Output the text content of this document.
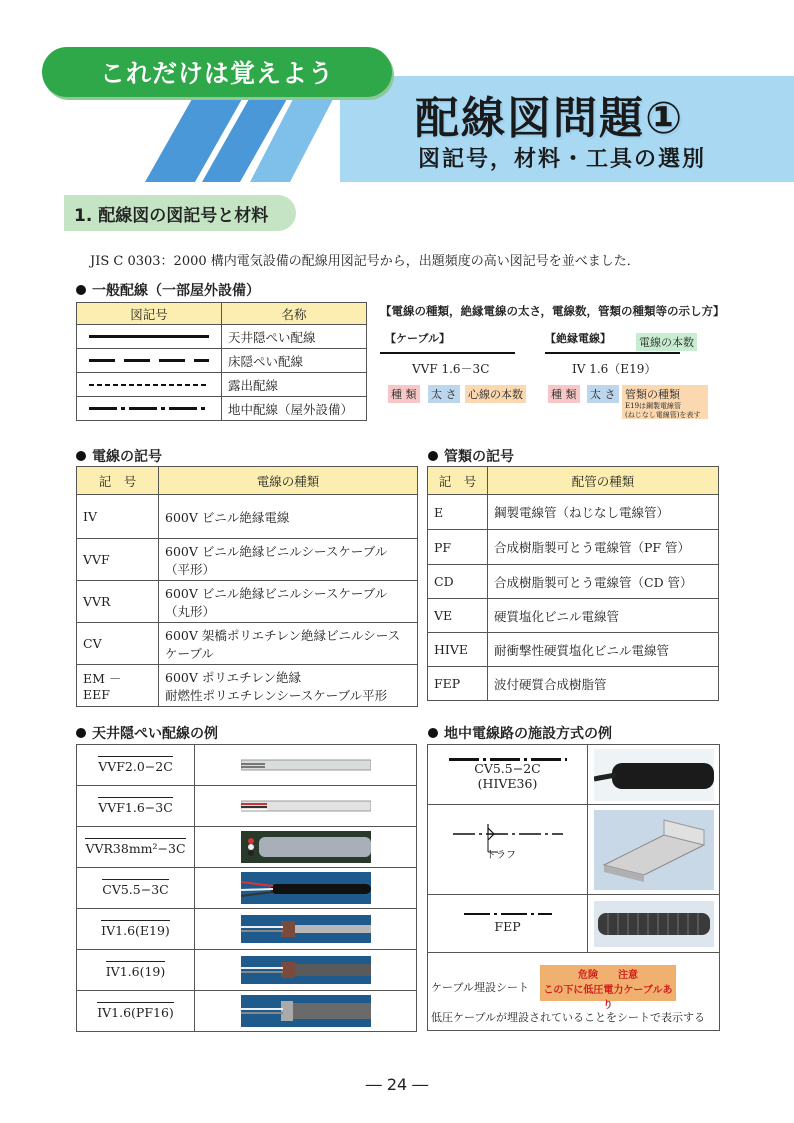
これだけは覚えよう
配線図問題①
図記号，材料・工具の選別
1. 配線図の図記号と材料
JIS C 0303：2000 構内電気設備の配線用図記号から，出題頻度の高い図記号を並べました．
一般配線（一部屋外設備）
図記号	名称

	天井隠ぺい配線

	床隠ぺい配線

	露出配線

	地中配線（屋外設備）
【電線の種類，絶縁電線の太さ，電線数，管類の種類等の示し方】
【ケーブル】
VVF 1.6－3C
種 類 太 さ 心線の本数
【絶縁電線】	電線の本数
IV 1.6（E19）
種 類 太 さ 管類の種類
E19は鋼製電線管
(ねじなし電線管)を表す
電線の記号
記　号	電線の種類
IV	600V ビニル絶縁電線

VVF	600V ビニル絶縁ビニルシースケーブル
（平形）

VVR	600V ビニル絶縁ビニルシースケーブル
（丸形）

CV	600V 架橋ポリエチレン絶縁ビニルシース
ケーブル

EM － EEF	600V ポリエチレン絶縁
耐燃性ポリエチレンシースケーブル平形
管類の記号
記　号	配管の種類
E	鋼製電線管（ねじなし電線管）
PF	合成樹脂製可とう電線管（PF 管）
CD	合成樹脂製可とう電線管（CD 管）
VE	硬質塩化ビニル電線管
HIVE	耐衝撃性硬質塩化ビニル電線管
FEP	波付硬質合成樹脂管
天井隠ぺい配線の例
VVF2.0−2C	

VVF1.6−3C	

VVR38mm²−3C	

CV5.5−3C	

IV1.6(E19)	

IV1.6(19)	

IV1.6(PF16)	
地中電線路の施設方式の例
CV5.5−2C
(HIVE36)

トラフ

FEP

ケーブル埋設シート
危険　　注意
この下に低圧電力ケーブルあり
低圧ケーブルが埋設されていることをシートで表示する	
― 24 ―
